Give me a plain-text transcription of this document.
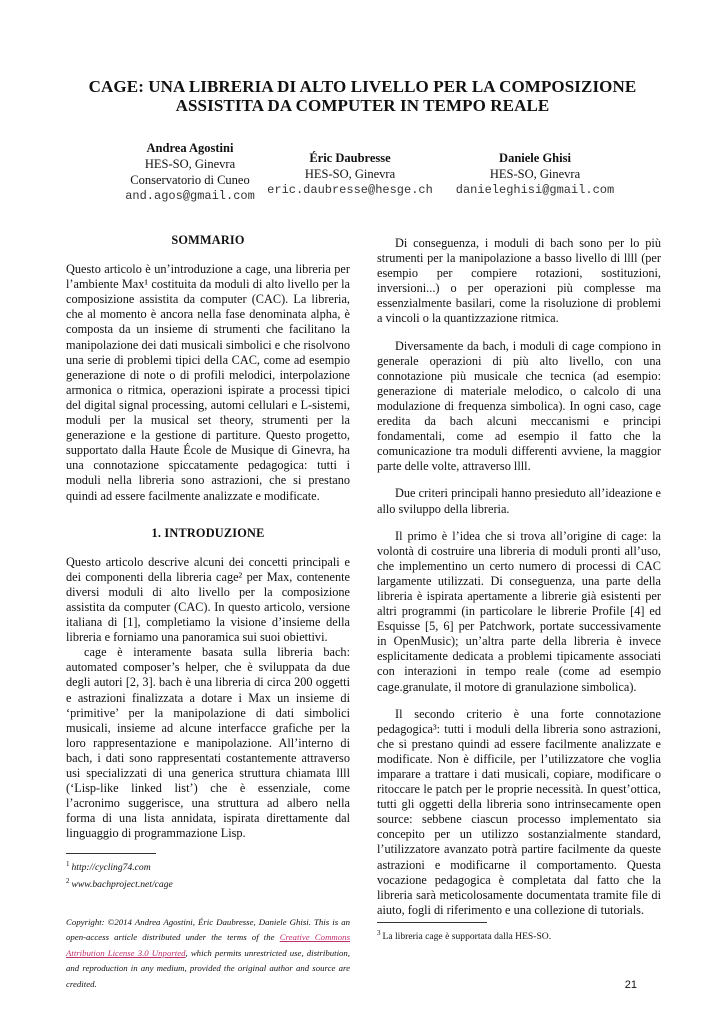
CAGE: UNA LIBRERIA DI ALTO LIVELLO PER LA COMPOSIZIONE
ASSISTITA DA COMPUTER IN TEMPO REALE
Andrea Agostini
HES-SO, Ginevra
Conservatorio di Cuneo
and.agos@gmail.com
Éric Daubresse
HES-SO, Ginevra
eric.daubresse@hesge.ch
Daniele Ghisi
HES-SO, Ginevra
danieleghisi@gmail.com
SOMMARIO

Questo articolo è un’introduzione a cage, una libreria per l’ambiente Max¹ costituita da moduli di alto livello per la composizione assistita da computer (CAC). La libreria, che al momento è ancora nella fase denominata alpha, è composta da un insieme di strumenti che facilitano la manipolazione dei dati musicali simbolici e che risolvono una serie di problemi tipici della CAC, come ad esempio generazione di note o di profili melodici, interpolazione armonica o ritmica, operazioni ispirate a processi tipici del digital signal processing, automi cellulari e L-sistemi, moduli per la musical set theory, strumenti per la generazione e la gestione di partiture. Questo progetto, supportato dalla Haute École de Musique di Ginevra, ha una connotazione spiccatamente pedagogica: tutti i moduli nella libreria sono astrazioni, che si prestano quindi ad essere facilmente analizzate e modificate.

1. INTRODUZIONE

Questo articolo descrive alcuni dei concetti principali e dei componenti della libreria cage² per Max, contenente diversi moduli di alto livello per la composizione assistita da computer (CAC). In questo articolo, versione italiana di [1], completiamo la visione d’insieme della libreria e forniamo una panoramica sui suoi obiettivi.

cage è interamente basata sulla libreria bach: automated composer’s helper, che è sviluppata da due degli autori [2, 3]. bach è una libreria di circa 200 oggetti e astrazioni finalizzata a dotare i Max un insieme di ‘primitive’ per la manipolazione di dati simbolici musicali, insieme ad alcune interfacce grafiche per la loro rappresentazione e manipolazione. All’interno di bach, i dati sono rappresentati costantemente attraverso usi specializzati di una generica struttura chiamata llll (‘Lisp-like linked list’) che è essenziale, come l’acronimo suggerisce, una struttura ad albero nella forma di una lista annidata, ispirata direttamente dal linguaggio di programmazione Lisp.

$^1$ http://cycling74.com
$^2$ www.bachproject.net/cage
Copyright: ©2014 Andrea Agostini, Éric Daubresse, Daniele Ghisi. This is an open-access article distributed under the terms of the Creative Commons Attribution License 3.0 Unported, which permits unrestricted use, distribution, and reproduction in any medium, provided the original author and source are credited.

Di conseguenza, i moduli di bach sono per lo più strumenti per la manipolazione a basso livello di llll (per esempio per compiere rotazioni, sostituzioni, inversioni...) o per operazioni più complesse ma essenzialmente basilari, come la risoluzione di problemi a vincoli o la quantizzazione ritmica.

Diversamente da bach, i moduli di cage compiono in generale operazioni di più alto livello, con una connotazione più musicale che tecnica (ad esempio: generazione di materiale melodico, o calcolo di una modulazione di frequenza simbolica). In ogni caso, cage eredita da bach alcuni meccanismi e principi fondamentali, come ad esempio il fatto che la comunicazione tra moduli differenti avviene, la maggior parte delle volte, attraverso llll.

Due criteri principali hanno presieduto all’ideazione e allo sviluppo della libreria.

Il primo è l’idea che si trova all’origine di cage: la volontà di costruire una libreria di moduli pronti all’uso, che implementino un certo numero di processi di CAC largamente utilizzati. Di conseguenza, una parte della libreria è ispirata apertamente a librerie già esistenti per altri programmi (in particolare le librerie Profile [4] ed Esquisse [5, 6] per Patchwork, portate successivamente in OpenMusic); un’altra parte della libreria è invece esplicitamente dedicata a problemi tipicamente associati con interazioni in tempo reale (come ad esempio cage.granulate, il motore di granulazione simbolica).

Il secondo criterio è una forte connotazione pedagogica³: tutti i moduli della libreria sono astrazioni, che si prestano quindi ad essere facilmente analizzate e modificate. Non è difficile, per l’utilizzatore che voglia imparare a trattare i dati musicali, copiare, modificare o ritoccare le patch per le proprie necessità. In quest’ottica, tutti gli oggetti della libreria sono intrinsecamente open source: sebbene ciascun processo implementato sia concepito per un utilizzo sostanzialmente standard, l’utilizzatore avanzato potrà partire facilmente da queste astrazioni e modificarne il comportamento. Questa vocazione pedagogica è completata dal fatto che la libreria sarà meticolosamente documentata tramite file di aiuto, fogli di riferimento e una collezione di tutorials.

$^3$ La libreria cage è supportata dalla HES-SO.
21
